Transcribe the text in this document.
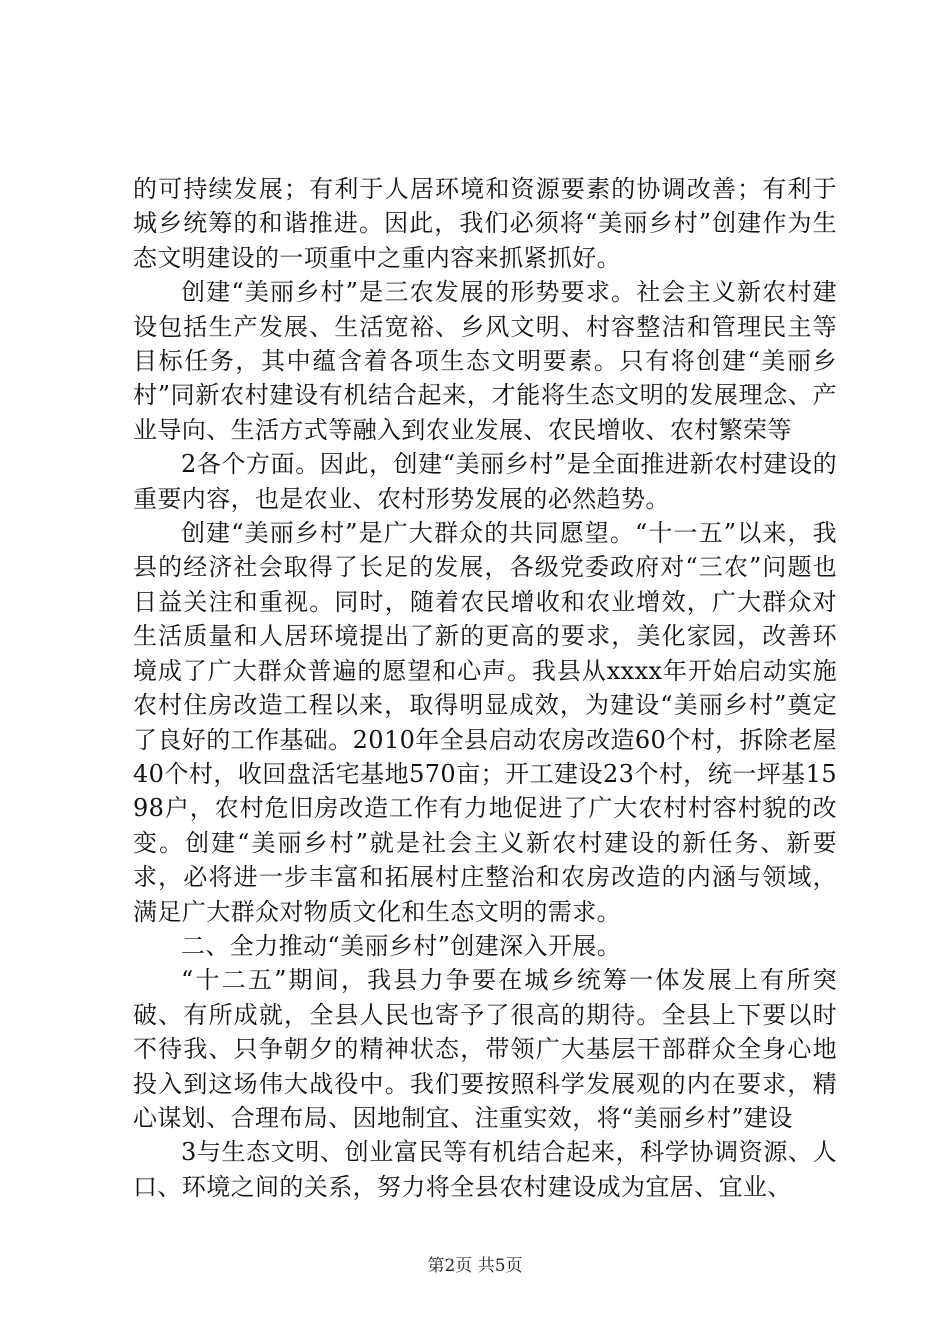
的可持续发展；有利于人居环境和资源要素的协调改善；有利于城乡统筹的和谐推进。因此，我们必须将“美丽乡村”创建作为生态文明建设的一项重中之重内容来抓紧抓好。

创建“美丽乡村”是三农发展的形势要求。社会主义新农村建设包括生产发展、生活宽裕、乡风文明、村容整洁和管理民主等目标任务，其中蕴含着各项生态文明要素。只有将创建“美丽乡村”同新农村建设有机结合起来，才能将生态文明的发展理念、产业导向、生活方式等融入到农业发展、农民增收、农村繁荣等

2各个方面。因此，创建“美丽乡村”是全面推进新农村建设的重要内容，也是农业、农村形势发展的必然趋势。

创建“美丽乡村”是广大群众的共同愿望。“十一五”以来，我县的经济社会取得了长足的发展，各级党委政府对“三农”问题也日益关注和重视。同时，随着农民增收和农业增效，广大群众对生活质量和人居环境提出了新的更高的要求，美化家园，改善环境成了广大群众普遍的愿望和心声。我县从xxxx年开始启动实施农村住房改造工程以来，取得明显成效，为建设“美丽乡村”奠定了良好的工作基础。2010年全县启动农房改造60个村，拆除老屋40个村，收回盘活宅基地570亩；开工建设23个村，统一坪基1598户，农村危旧房改造工作有力地促进了广大农村村容村貌的改变。创建“美丽乡村”就是社会主义新农村建设的新任务、新要求，必将进一步丰富和拓展村庄整治和农房改造的内涵与领域，满足广大群众对物质文化和生态文明的需求。

二、全力推动“美丽乡村”创建深入开展。

“十二五”期间，我县力争要在城乡统筹一体发展上有所突破、有所成就，全县人民也寄予了很高的期待。全县上下要以时不待我、只争朝夕的精神状态，带领广大基层干部群众全身心地投入到这场伟大战役中。我们要按照科学发展观的内在要求，精心谋划、合理布局、因地制宜、注重实效，将“美丽乡村”建设

3与生态文明、创业富民等有机结合起来，科学协调资源、人口、环境之间的关系，努力将全县农村建设成为宜居、宜业、

第2页 共5页
